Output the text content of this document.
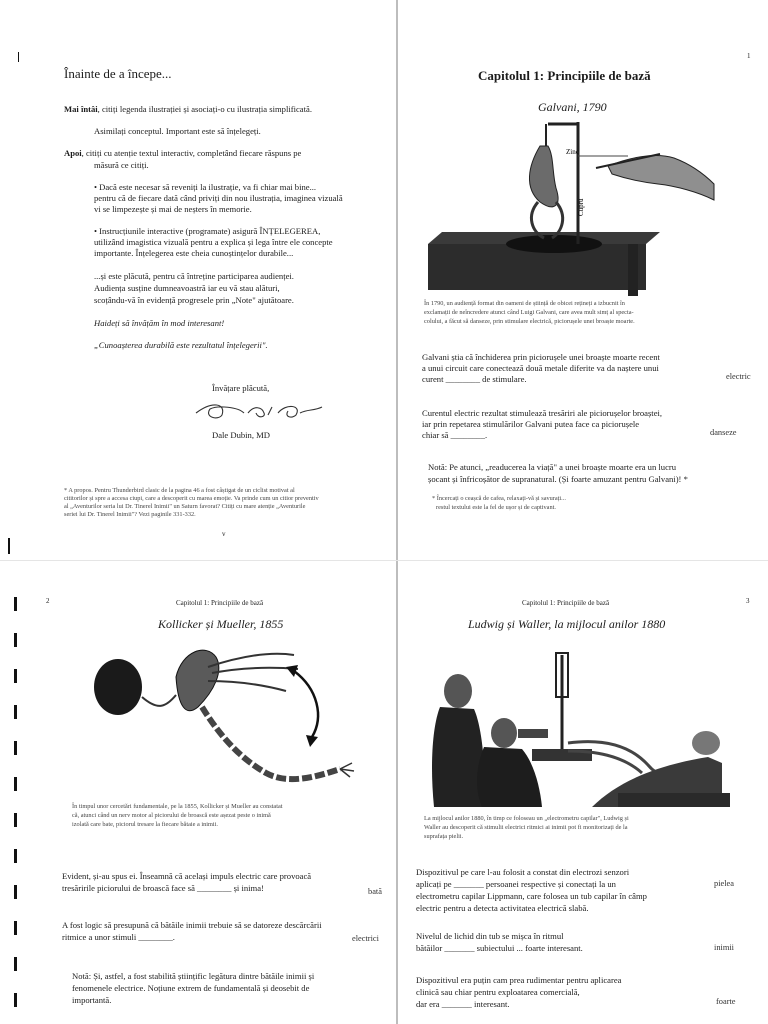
Înainte de a începe...
Mai întâi, citiți legenda ilustrației și asociați-o cu ilustrația simplificată.
Asimilați conceptul. Important este să înțelegeți.
Apoi, citiți cu atenție textul interactiv, completând fiecare răspuns pe
măsură ce citiți.
• Dacă este necesar să reveniți la ilustrație, va fi chiar mai bine...
pentru că de fiecare dată când priviți din nou ilustrația, imaginea vizuală
vi se limpezește și mai de neșters în memorie.
• Instrucțiunile interactive (programate) asigură ÎNȚELEGEREA,
utilizând imagistica vizuală pentru a explica și lega între ele concepte
importante. Înțelegerea este cheia cunoștințelor durabile...
...și este plăcută, pentru că întreține participarea audienței.
Audiența susține dumneavoastră iar eu vă stau alături,
scoțându-vă în evidență progresele prin „Note" ajutătoare.
Haideți să învățăm în mod interesant!
„Cunoașterea durabilă este rezultatul înțelegerii".
Învățare plăcută,
Dale Dubin, MD
* A propos. Pentru Thunderbird clasic de la pagina 46 a fost câștigat de un ciclist motivat al
cititorilor și spre a accesa ciupi, care a descoperit cu marea emoție. Va prinde cum un citior preventiv
al „Aventurilor seria lui Dr. Tinerel Inimii" un Saturn favorat? Citiți cu mare atenție „Aventurile
seriei lui Dr. Tinerel Inimii"? Vezi paginile 331-332.
v
1
Capitolul 1: Principiile de bază
Galvani, 1790
Zinc
Cupru
În 1790, un audiență format din oameni de știință de obicei rețineți a izbucnit în
exclamații de neîncredere atunci când Luigi Galvani, care avea mult simț al specta-
colului, a făcut să danseze, prin stimulare electrică, piciorușele unei broaște moarte.
Galvani știa că închiderea prin piciorușele unei broaște moarte recent
a unui circuit care conectează două metale diferite va da naștere unui
curent ________ de stimulare.	electric
Curentul electric rezultat stimulează tresăriri ale piciorușelor broaștei,
iar prin repetarea stimulărilor Galvani putea face ca piciorușele
chiar să ________.	danseze
Notă: Pe atunci, „readucerea la viață" a unei broaște moarte era un lucru
șocant și înfricoșător de supranatural. (Și foarte amuzant pentru Galvani)! *
* Încercați o ceașcă de cafea, relaxați-vă și savurați...
restul textului este la fel de ușor și de captivant.
2	Capitolul 1: Principiile de bază
Kollicker și Mueller, 1855
În timpul unor cercetări fundamentale, pe la 1855, Kollicker și Mueller au constatat
că, atunci când un nerv motor al piciorului de broască este așezat peste o inimă
izolată care bate, piciorul tresare la fiecare bătaie a inimii.
Evident, și-au spus ei. Înseamnă că același impuls electric care provoacă
tresăririle piciorului de broască face să ________ și inima!	bată
A fost logic să presupună că bătăile inimii trebuie să se datoreze descărcării
ritmice a unor stimuli ________.	electrici
Notă: Și, astfel, a fost stabilită științific legătura dintre bătăile inimii și
fenomenele electrice. Noțiune extrem de fundamentală și deosebit de
importantă.
Capitolul 1: Principiile de bază	3
Ludwig și Waller, la mijlocul anilor 1880
La mijlocul anilor 1880, în timp ce foloseau un „electrometru capilar", Ludwig și
Waller au descoperit că stimulii electrici ritmici ai inimii pot fi monitorizați de la
suprafața pielii.
Dispozitivul pe care l-au folosit a constat din electrozi senzori
aplicați pe _______ persoanei respective și conectați la un
electrometru capilar Lippmann, care folosea un tub capilar în câmp
electric pentru a detecta activitatea electrică slabă.
pielea
Nivelul de lichid din tub se mișca în ritmul
bătăilor _______ subiectului ... foarte interesant.	inimii
Dispozitivul era puțin cam prea rudimentar pentru aplicarea
clinică sau chiar pentru exploatarea comercială,
dar era _______ interesant.	foarte
